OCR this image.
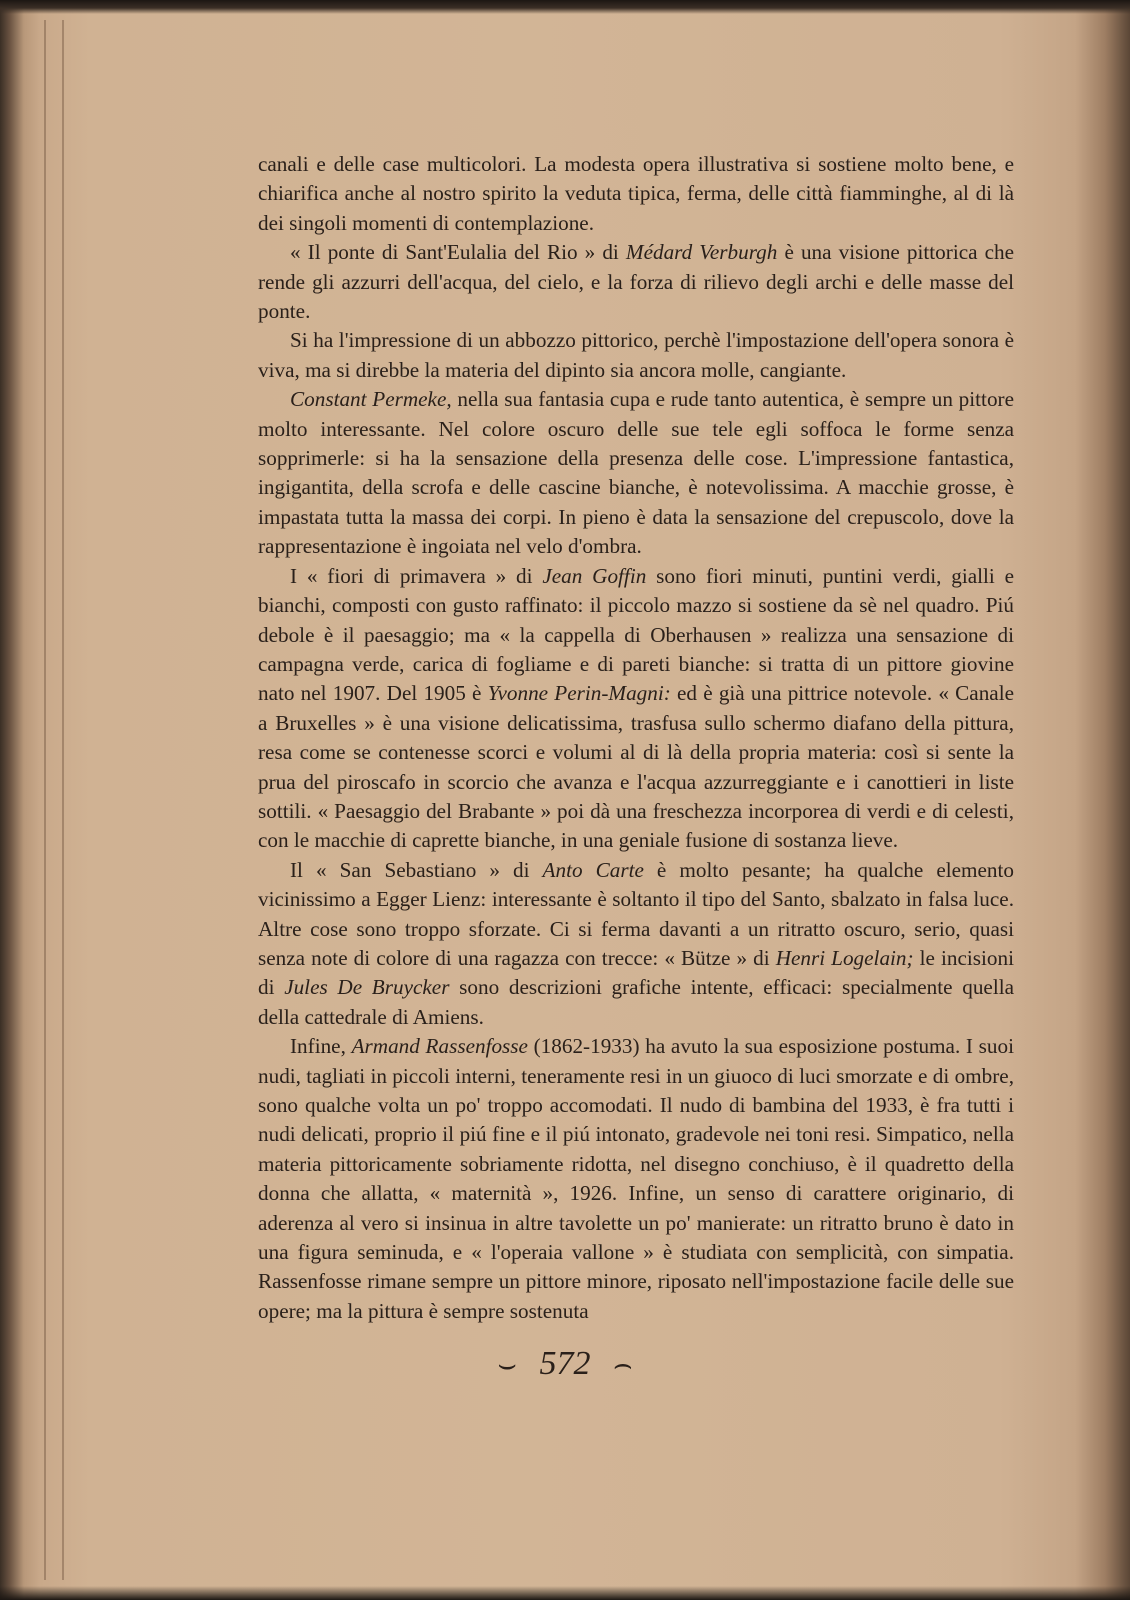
canali e delle case multicolori. La modesta opera illustrativa si sostiene molto bene, e chiarifica anche al nostro spirito la veduta tipica, ferma, delle città fiamminghe, al di là dei singoli momenti di contemplazione.

« Il ponte di Sant'Eulalia del Rio » di Médard Verburgh è una visione pittorica che rende gli azzurri dell'acqua, del cielo, e la forza di rilievo degli archi e delle masse del ponte.

Si ha l'impressione di un abbozzo pittorico, perchè l'impostazione dell'opera sonora è viva, ma si direbbe la materia del dipinto sia ancora molle, cangiante.

Constant Permeke, nella sua fantasia cupa e rude tanto autentica, è sempre un pittore molto interessante. Nel colore oscuro delle sue tele egli soffoca le forme senza sopprimerle: si ha la sensazione della presenza delle cose. L'impressione fantastica, ingigantita, della scrofa e delle cascine bianche, è notevolissima. A macchie grosse, è impastata tutta la massa dei corpi. In pieno è data la sensazione del crepuscolo, dove la rappresentazione è ingoiata nel velo d'ombra.

I « fiori di primavera » di Jean Goffin sono fiori minuti, puntini verdi, gialli e bianchi, composti con gusto raffinato: il piccolo mazzo si sostiene da sè nel quadro. Piú debole è il paesaggio; ma « la cappella di Oberhausen » realizza una sensazione di campagna verde, carica di fogliame e di pareti bianche: si tratta di un pittore giovine nato nel 1907. Del 1905 è Yvonne Perin-Magni: ed è già una pittrice notevole. « Canale a Bruxelles » è una visione delicatissima, trasfusa sullo schermo diafano della pittura, resa come se contenesse scorci e volumi al di là della propria materia: così si sente la prua del piroscafo in scorcio che avanza e l'acqua azzurreggiante e i canottieri in liste sottili. « Paesaggio del Brabante » poi dà una freschezza incorporea di verdi e di celesti, con le macchie di caprette bianche, in una geniale fusione di sostanza lieve.

Il « San Sebastiano » di Anto Carte è molto pesante; ha qualche elemento vicinissimo a Egger Lienz: interessante è soltanto il tipo del Santo, sbalzato in falsa luce. Altre cose sono troppo sforzate. Ci si ferma davanti a un ritratto oscuro, serio, quasi senza note di colore di una ragazza con trecce: « Bütze » di Henri Logelain; le incisioni di Jules De Bruycker sono descrizioni grafiche intente, efficaci: specialmente quella della cattedrale di Amiens.

Infine, Armand Rassenfosse (1862-1933) ha avuto la sua esposizione postuma. I suoi nudi, tagliati in piccoli interni, teneramente resi in un giuoco di luci smorzate e di ombre, sono qualche volta un po' troppo accomodati. Il nudo di bambina del 1933, è fra tutti i nudi delicati, proprio il piú fine e il piú intonato, gradevole nei toni resi. Simpatico, nella materia pittoricamente sobriamente ridotta, nel disegno conchiuso, è il quadretto della donna che allatta, « maternità », 1926. Infine, un senso di carattere originario, di aderenza al vero si insinua in altre tavolette un po' manierate: un ritratto bruno è dato in una figura seminuda, e « l'operaia vallone » è studiata con semplicità, con simpatia. Rassenfosse rimane sempre un pittore minore, riposato nell'impostazione facile delle sue opere; ma la pittura è sempre sostenuta

⌣ 572 ⌢
